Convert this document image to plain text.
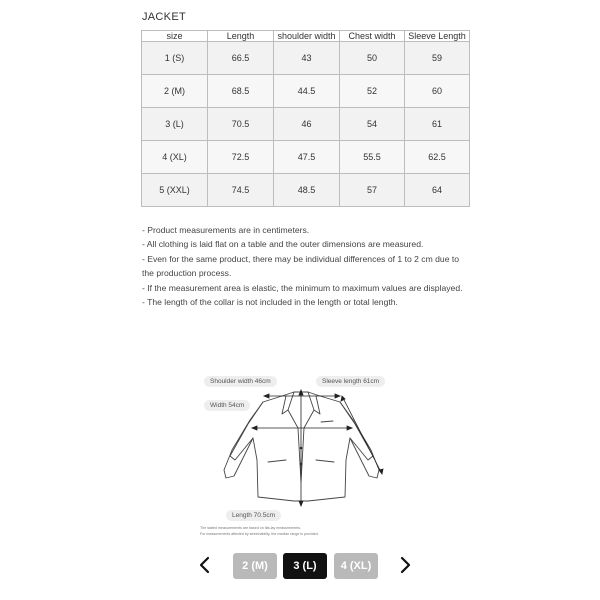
JACKET
size	Length	shoulder width	Chest width	Sleeve Length
1 (S)	66.5	43	50	59
2 (M)	68.5	44.5	52	60
3 (L)	70.5	46	54	61
4 (XL)	72.5	47.5	55.5	62.5
5 (XXL)	74.5	48.5	57	64

- Product measurements are in centimeters.

- All clothing is laid flat on a table and the outer dimensions are measured.

- Even for the same product, there may be individual differences of 1 to 2 cm due to the production process.

- If the measurement area is elastic, the minimum to maximum values are displayed.

- The length of the collar is not included in the length or total length.

Shoulder width 46cm	Sleeve length 61cm
Width 54cm
Length 70.5cm
The stated measurements are based on flat-lay measurements.
For measurements affected by stretchability, the median range is provided.
2 (M)	3 (L)	4 (XL)
